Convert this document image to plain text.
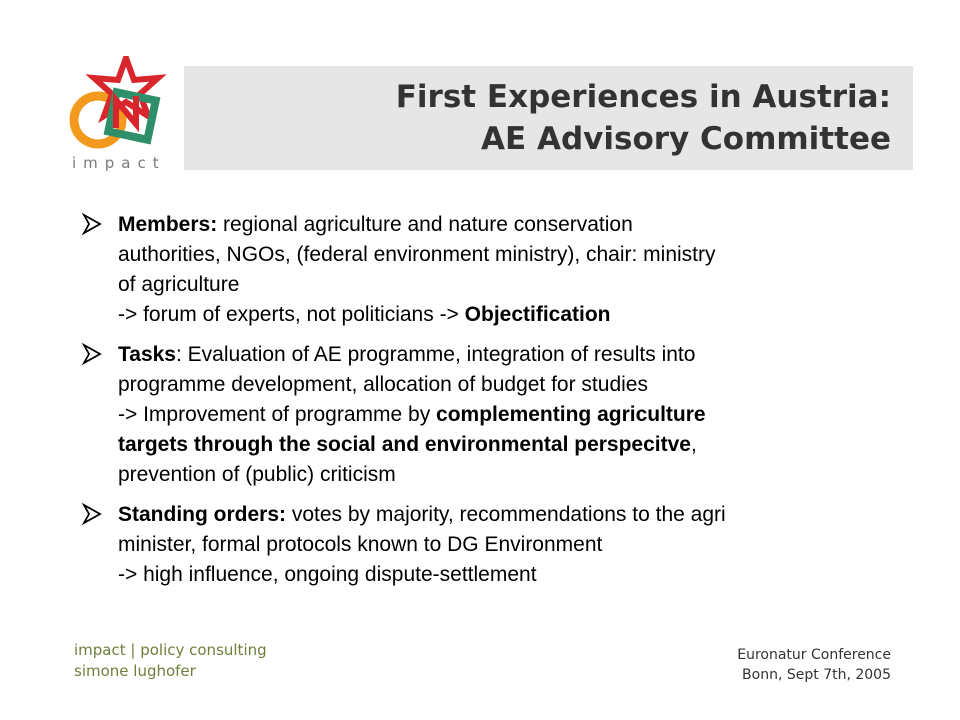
impact
First Experiences in Austria:
AE Advisory Committee
Members: regional agriculture and nature conservation
authorities, NGOs, (federal environment ministry), chair: ministry
of agriculture
-> forum of experts, not politicians -> Objectification
Tasks: Evaluation of AE programme, integration of results into
programme development, allocation of budget for studies
-> Improvement of programme by complementing agriculture
targets through the social and environmental perspecitve,
prevention of (public) criticism
Standing orders: votes by majority, recommendations to the agri
minister, formal protocols known to DG Environment
-> high influence, ongoing dispute-settlement
impact | policy consulting
simone lughofer
Euronatur Conference
Bonn, Sept 7th, 2005
